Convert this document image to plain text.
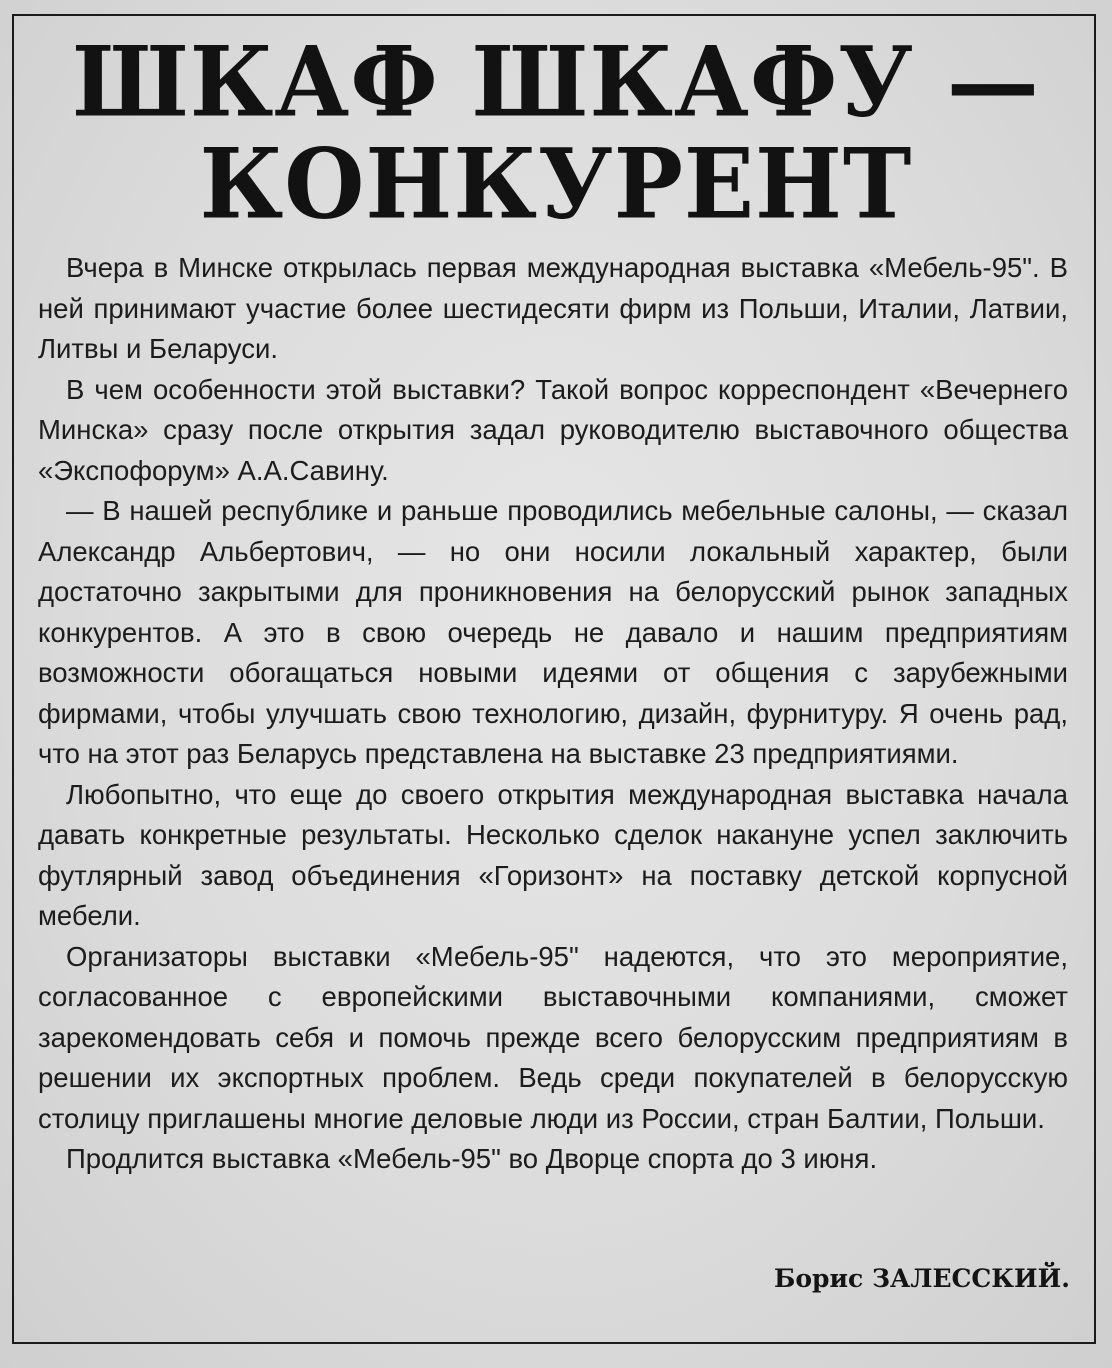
ШКАФ ШКАФУ —
КОНКУРЕНТ

Вчера в Минске открылась первая международная выставка «Мебель-95". В ней принимают участие более шестидесяти фирм из Польши, Италии, Латвии, Литвы и Беларуси.

В чем особенности этой выставки? Такой вопрос корреспондент «Вечернего Минска» сразу после открытия задал руководителю выставочного общества «Экспофорум» А.А.Савину.

— В нашей республике и раньше проводились мебельные салоны, — сказал Александр Альбертович, — но они носили локальный характер, были достаточно закрытыми для проникновения на белорусский рынок западных конкурентов. А это в свою очередь не давало и нашим предприятиям возможности обогащаться новыми идеями от общения с зарубежными фирмами, чтобы улучшать свою технологию, дизайн, фурнитуру. Я очень рад, что на этот раз Беларусь представлена на выставке 23 предприятиями.

Любопытно, что еще до своего открытия международная выставка начала давать конкретные результаты. Несколько сделок накануне успел заключить футлярный завод объединения «Горизонт» на поставку детской корпусной мебели.

Организаторы выставки «Мебель-95" надеются, что это мероприятие, согласованное с европейскими выставочными компаниями, сможет зарекомендовать себя и помочь прежде всего белорусским предприятиям в решении их экспортных проблем. Ведь среди покупателей в белорусскую столицу приглашены многие деловые люди из России, стран Балтии, Польши.

Продлится выставка «Мебель-95" во Дворце спорта до 3 июня.

Борис ЗАЛЕССКИЙ.
